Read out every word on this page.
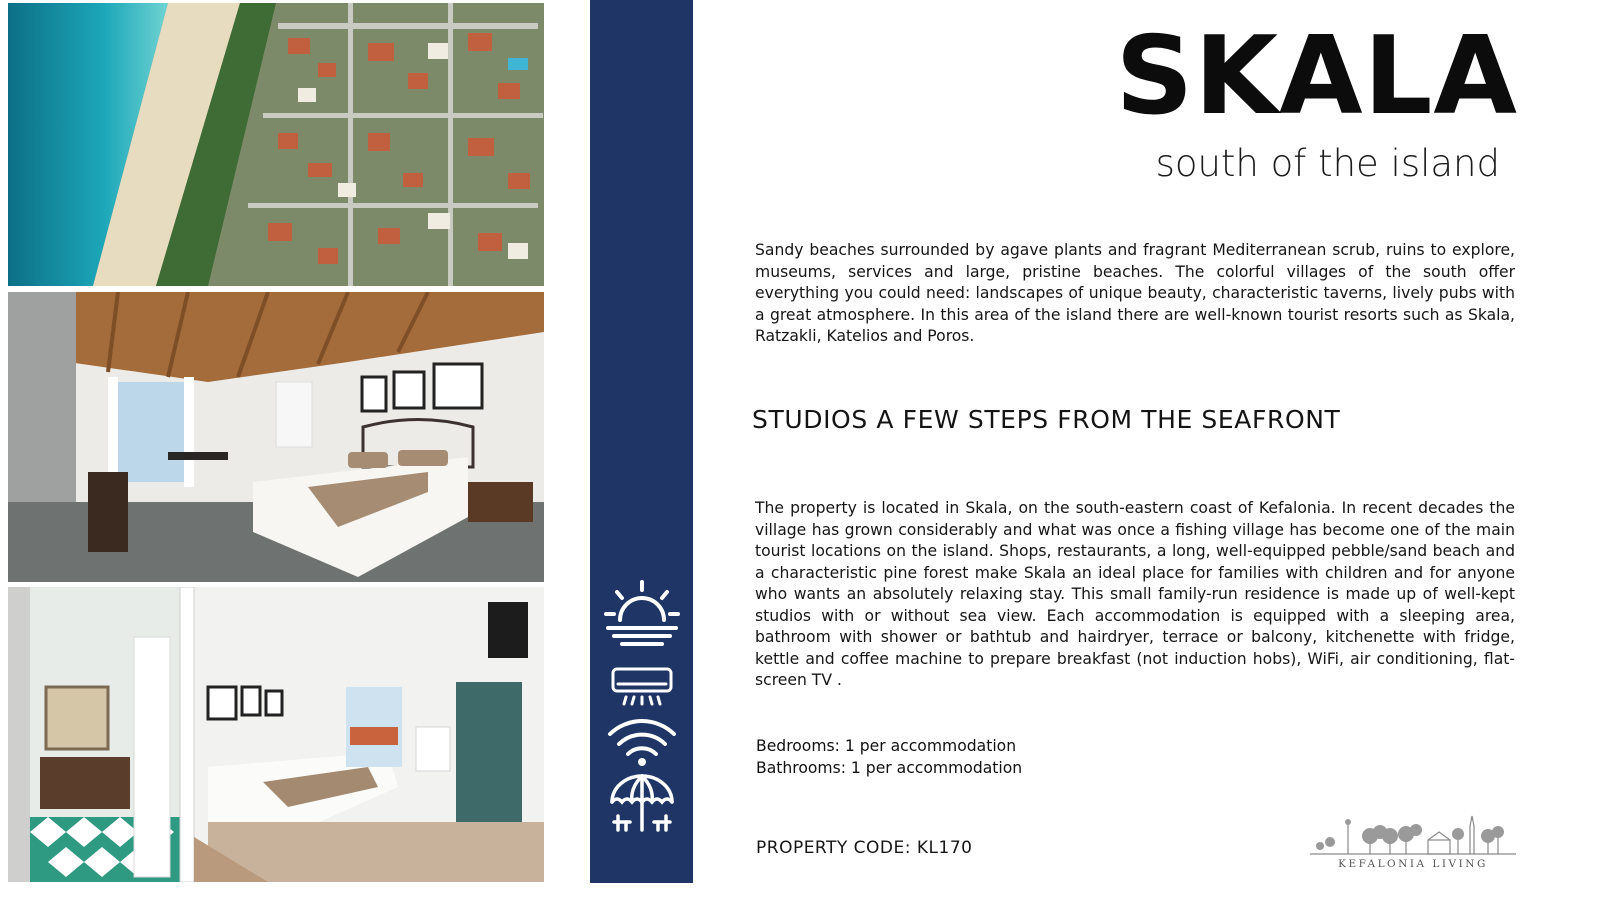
SKALA
south of the island

Sandy beaches surrounded by agave plants and fragrant Mediterranean scrub, ruins to explore, museums, services and large, pristine beaches. The colorful villages of the south offer everything you could need: landscapes of unique beauty, characteristic taverns, lively pubs with a great atmosphere. In this area of the island there are well-known tourist resorts such as Skala, Ratzakli, Katelios and Poros.

STUDIOS A FEW STEPS FROM THE SEAFRONT

The property is located in Skala, on the south-eastern coast of Kefalonia. In recent decades the village has grown considerably and what was once a fishing village has become one of the main tourist locations on the island. Shops, restaurants, a long, well-equipped pebble/sand beach and a characteristic pine forest make Skala an ideal place for families with children and for anyone who wants an absolutely relaxing stay. This small family-run residence is made up of well-kept studios with or without sea view. Each accommodation is equipped with a sleeping area, bathroom with shower or bathtub and hairdryer, terrace or balcony, kitchenette with fridge, kettle and coffee machine to prepare breakfast (not induction hobs), WiFi, air conditioning, flat-screen TV .

Bedrooms: 1 per accommodation
Bathrooms: 1 per accommodation
PROPERTY CODE: KL170
KEFALONIA LIVING
